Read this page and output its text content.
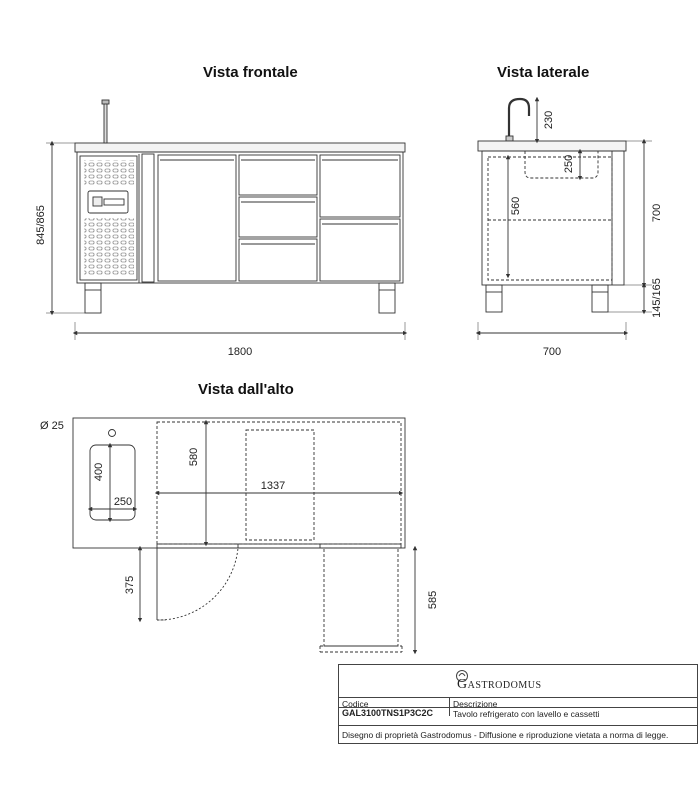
Vista frontale	Vista laterale
Vista dall'alto
845/865
1800
230
250
560	700
145/165
700
Ø 25
400
250
580
1337
375
585
Gastrodomus
Codice	Descrizione
GAL3100TNS1P3C2C Tavolo refrigerato con lavello e cassetti
Disegno di proprietà Gastrodomus - Diffusione e riproduzione vietata a norma di legge.
